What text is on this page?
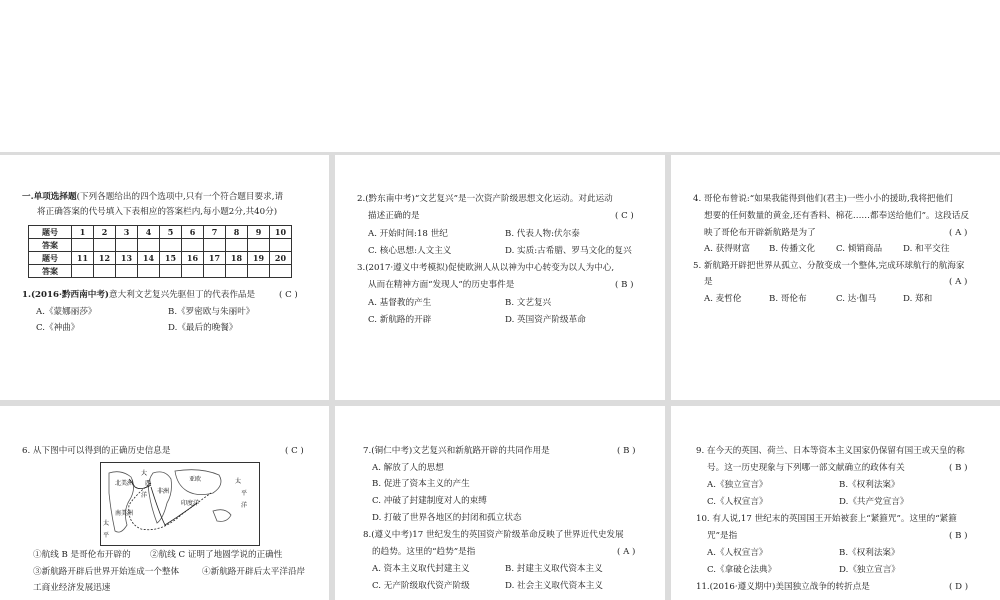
一.单项选择题(下列各题给出的四个选项中,只有一个符合题目要求,请
将正确答案的代号填入下表相应的答案栏内,每小题2分,共40分)
题号	1	2	3	4	5	6	7	8	9	10
答案										
题号	11	12	13	14	15	16	17	18	19	20
答案										
1.(2016·黔西南中考)意大利文艺复兴先驱但丁的代表作品是	( C )
A.《蒙娜丽莎》	B.《罗密欧与朱丽叶》
C.《神曲》	D.《最后的晚餐》
2.(黔东南中考)“文艺复兴”是一次资产阶级思想文化运动。对此运动
描述正确的是	( C )
A. 开始时间:18 世纪	B. 代表人物:伏尔泰
C. 核心思想:人文主义	D. 实质:古希腊、罗马文化的复兴
3.(2017·遵义中考模拟)促使欧洲人从以神为中心转变为以人为中心,
从而在精神方面“发现人”的历史事件是	( B )
A. 基督教的产生	B. 文艺复兴
C. 新航路的开辟	D. 英国资产阶级革命
4. 哥伦布曾说:“如果我能得到他们(君主)一些小小的援助,我将把他们
想要的任何数量的黄金,还有香料、棉花……都奉送给他们”。这段话反
映了哥伦布开辟新航路是为了	( A )
A. 获得财富 B. 传播文化 C. 倾销商品 D. 和平交往
5. 新航路开辟把世界从孤立、分散变成一个整体,完成环球航行的航海家
是	( A )
A. 麦哲伦	B. 哥伦布	C. 达·伽马	D. 郑和
6. 从下图中可以得到的正确历史信息是	( C )
大
西
洋
北美洲
南美洲
非洲
亚欧
印度洋
太
平
洋
太
平
①航线 B 是哥伦布开辟的 ②航线 C 证明了地圆学说的正确性
③新航路开辟后世界开始连成一个整体	④新航路开辟后太平洋沿岸
工商业经济发展迅速
7.(铜仁中考)文艺复兴和新航路开辟的共同作用是	( B )
A. 解放了人的思想
B. 促进了资本主义的产生
C. 冲破了封建制度对人的束缚
D. 打破了世界各地区的封闭和孤立状态
8.(遵义中考)17 世纪发生的英国资产阶级革命反映了世界近代史发展
的趋势。这里的“趋势”是指	( A )
A. 资本主义取代封建主义	B. 封建主义取代资本主义
C. 无产阶级取代资产阶级	D. 社会主义取代资本主义
9. 在今天的英国、荷兰、日本等资本主义国家仍保留有国王或天皇的称
号。这一历史现象与下列哪一部文献确立的政体有关	( B )
A.《独立宣言》	B.《权利法案》
C.《人权宣言》	D.《共产党宣言》
10. 有人说,17 世纪末的英国国王开始被套上“紧箍咒”。这里的“紧箍
咒”是指	( B )
A.《人权宣言》	B.《权利法案》
C.《拿破仑法典》	D.《独立宣言》
11.(2016·遵义期中)美国独立战争的转折点是	( D )
